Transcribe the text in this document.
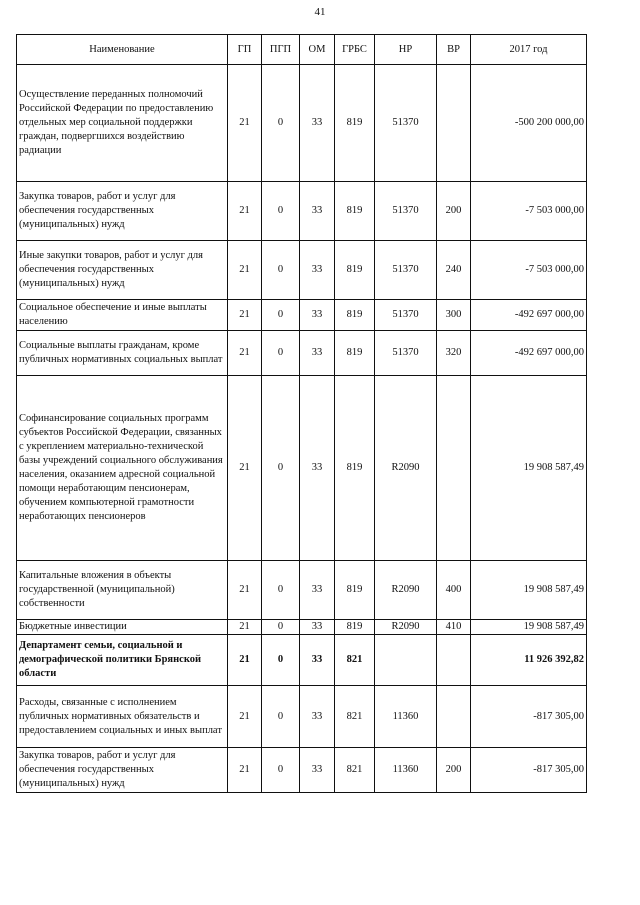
41
Наименование	ГП	ПГП	ОМ	ГРБС	НР	ВР	2017 год
Осуществление переданных полномочий Российской Федерации по предоставлению отдельных мер социальной поддержки граждан, подвергшихся воздействию радиации	21	0	33	819	51370		-500 200 000,00
Закупка товаров, работ и услуг для обеспечения государственных (муниципальных) нужд	21	0	33	819	51370	200	-7 503 000,00
Иные закупки товаров, работ и услуг для обеспечения государственных (муниципальных) нужд	21	0	33	819	51370	240	-7 503 000,00
Социальное обеспечение и иные выплаты населению	21	0	33	819	51370	300	-492 697 000,00
Социальные выплаты гражданам, кроме публичных нормативных социальных выплат	21	0	33	819	51370	320	-492 697 000,00
Софинансирование социальных программ субъектов Российской Федерации, связанных с укреплением материально-технической базы учреждений социального обслуживания населения, оказанием адресной социальной помощи неработающим пенсионерам, обучением компьютерной грамотности неработающих пенсионеров	21	0	33	819	R2090		19 908 587,49
Капитальные вложения в объекты государственной (муниципальной) собственности	21	0	33	819	R2090	400	19 908 587,49
Бюджетные инвестиции	21	0	33	819	R2090	410	19 908 587,49
Департамент семьи, социальной и демографической политики Брянской области	21	0	33	821			11 926 392,82
Расходы, связанные с исполнением публичных нормативных обязательств и предоставлением социальных и иных выплат	21	0	33	821	11360		-817 305,00
Закупка товаров, работ и услуг для обеспечения государственных (муниципальных) нужд	21	0	33	821	11360	200	-817 305,00
